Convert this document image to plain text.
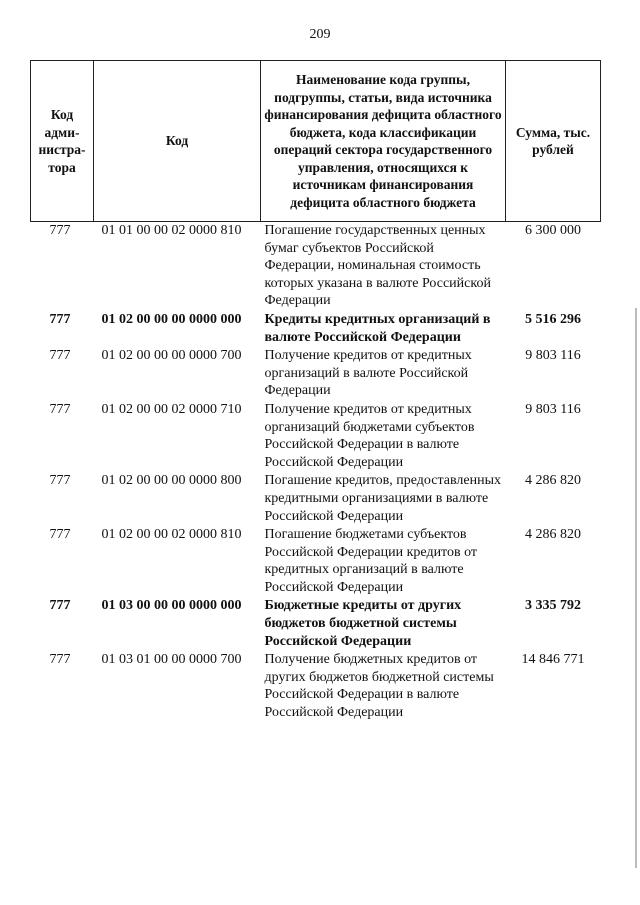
209
Код адми-нистра-тора	Код	Наименование кода группы, подгруппы, статьи, вида источника финансирования дефицита областного бюджета, кода классификации операций сектора государственного управления, относящихся к источникам финансирования дефицита областного бюджета	Сумма, тыс. рублей
777	01 01 00 00 02 0000 810	Погашение государственных ценных бумаг субъектов Российской Федерации, номинальная стоимость которых указана в валюте Российской Федерации	6 300 000
777	01 02 00 00 00 0000 000	Кредиты кредитных организаций в валюте Российской Федерации	5 516 296
777	01 02 00 00 00 0000 700	Получение кредитов от кредитных организаций в валюте Российской Федерации	9 803 116
777	01 02 00 00 02 0000 710	Получение кредитов от кредитных организаций бюджетами субъектов Российской Федерации в валюте Российской Федерации	9 803 116
777	01 02 00 00 00 0000 800	Погашение кредитов, предоставленных кредитными организациями в валюте Российской Федерации	4 286 820
777	01 02 00 00 02 0000 810	Погашение бюджетами субъектов Российской Федерации кредитов от кредитных организаций в валюте Российской Федерации	4 286 820
777	01 03 00 00 00 0000 000	Бюджетные кредиты от других бюджетов бюджетной системы Российской Федерации	3 335 792
777	01 03 01 00 00 0000 700	Получение бюджетных кредитов от других бюджетов бюджетной системы Российской Федерации в валюте Российской Федерации	14 846 771
